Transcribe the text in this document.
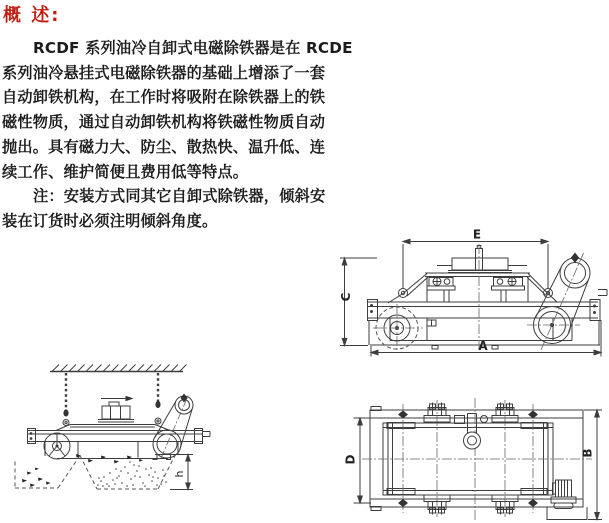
概 述:

RCDF 系列油冷自卸式电磁除铁器是在 RCDE

系列油冷悬挂式电磁除铁器的基础上增添了一套

自动卸铁机构，在工作时将吸附在除铁器上的铁

磁性物质，通过自动卸铁机构将铁磁性物质自动

抛出。具有磁力大、防尘、散热快、温升低、连

续工作、维护简便且费用低等特点。

注：安装方式同其它自卸式除铁器，倾斜安

装在订货时必须注明倾斜角度。

E
C
A
D
B
h
